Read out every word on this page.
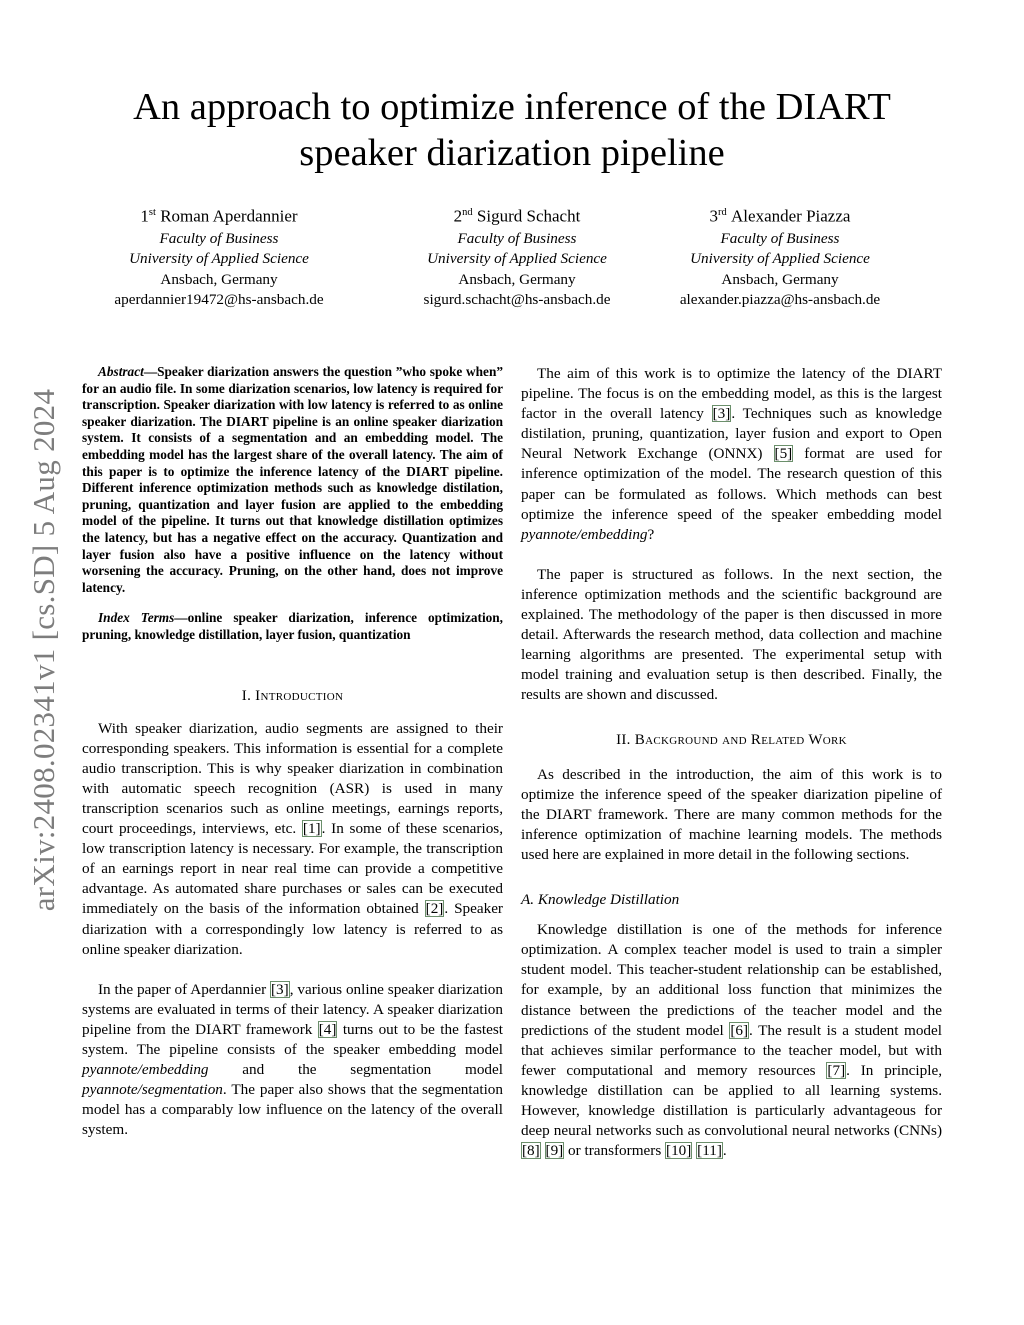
arXiv:2408.02341v1 [cs.SD] 5 Aug 2024
An approach to optimize inference of the DIART
speaker diarization pipeline
1st Roman Aperdannier
Faculty of Business
University of Applied Science
Ansbach, Germany
aperdannier19472@hs-ansbach.de
2nd Sigurd Schacht
Faculty of Business
University of Applied Science
Ansbach, Germany
sigurd.schacht@hs-ansbach.de
3rd Alexander Piazza
Faculty of Business
University of Applied Science
Ansbach, Germany
alexander.piazza@hs-ansbach.de

Abstract—Speaker diarization answers the question ”who spoke when” for an audio file. In some diarization scenarios, low latency is required for transcription. Speaker diarization with low latency is referred to as online speaker diarization. The DIART pipeline is an online speaker diarization system. It consists of a segmentation and an embedding model. The embedding model has the largest share of the overall latency. The aim of this paper is to optimize the inference latency of the DIART pipeline. Different inference optimization methods such as knowledge distilation, pruning, quantization and layer fusion are applied to the embedding model of the pipeline. It turns out that knowledge distillation optimizes the latency, but has a negative effect on the accuracy. Quantization and layer fusion also have a positive influence on the latency without worsening the accuracy. Pruning, on the other hand, does not improve latency.

Index Terms—online speaker diarization, inference optimization, pruning, knowledge distillation, layer fusion, quantization

I. Introduction

With speaker diarization, audio segments are assigned to their corresponding speakers. This information is essential for a complete audio transcription. This is why speaker diarization in combination with automatic speech recognition (ASR) is used in many transcription scenarios such as online meetings, earnings reports, court proceedings, interviews, etc. [1]. In some of these scenarios, low transcription latency is necessary. For example, the transcription of an earnings report in near real time can provide a competitive advantage. As automated share purchases or sales can be executed immediately on the basis of the information obtained [2]. Speaker diarization with a correspondingly low latency is referred to as online speaker diarization.

In the paper of Aperdannier [3], various online speaker diarization systems are evaluated in terms of their latency. A speaker diarization pipeline from the DIART framework [4] turns out to be the fastest system. The pipeline consists of the speaker embedding model pyannote/embedding and the segmentation model pyannote/segmentation. The paper also shows that the segmentation model has a comparably low influence on the latency of the overall system.

The aim of this work is to optimize the latency of the DIART pipeline. The focus is on the embedding model, as this is the largest factor in the overall latency [3]. Techniques such as knowledge distilation, pruning, quantization, layer fusion and export to Open Neural Network Exchange (ONNX) [5] format are used for inference optimization of the model. The research question of this paper can be formulated as follows. Which methods can best optimize the inference speed of the speaker embedding model pyannote/embedding?

The paper is structured as follows. In the next section, the inference optimization methods and the scientific background are explained. The methodology of the paper is then discussed in more detail. Afterwards the research method, data collection and machine learning algorithms are presented. The experimental setup with model training and evaluation setup is then described. Finally, the results are shown and discussed.

II. Background and Related Work

As described in the introduction, the aim of this work is to optimize the inference speed of the speaker diarization pipeline of the DIART framework. There are many common methods for the inference optimization of machine learning models. The methods used here are explained in more detail in the following sections.

A. Knowledge Distillation

Knowledge distillation is one of the methods for inference optimization. A complex teacher model is used to train a simpler student model. This teacher-student relationship can be established, for example, by an additional loss function that minimizes the distance between the predictions of the teacher model and the predictions of the student model [6]. The result is a student model that achieves similar performance to the teacher model, but with fewer computational and memory resources [7]. In principle, knowledge distillation can be applied to all learning systems. However, knowledge distillation is particularly advantageous for deep neural networks such as convolutional neural networks (CNNs) [8] [9] or transformers [10] [11].
